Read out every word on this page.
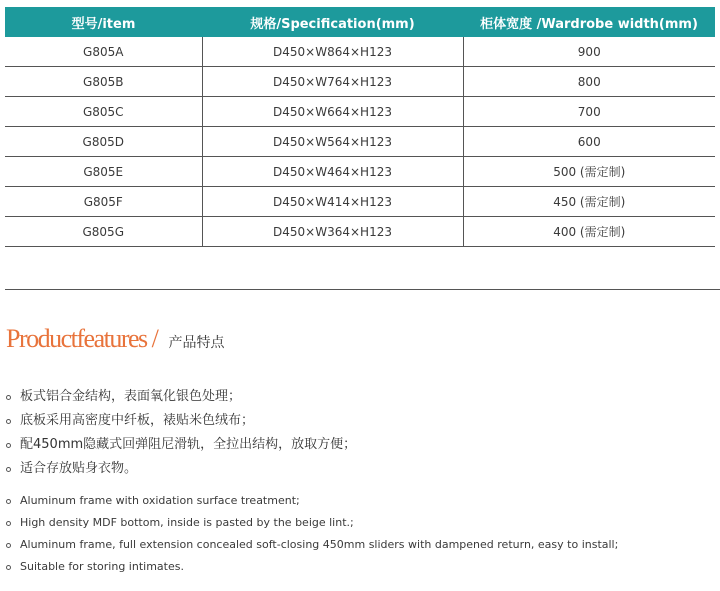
型号/item	规格/Specification(mm)	柜体宽度 /Wardrobe width(mm)
G805A	D450×W864×H123	900
G805B	D450×W764×H123	800
G805C	D450×W664×H123	700
G805D	D450×W564×H123	600
G805E	D450×W464×H123	500 (需定制)
G805F	D450×W414×H123	450 (需定制)
G805G	D450×W364×H123	400 (需定制)
Productfeatures / 产品特点
板式铝合金结构，表面氧化银色处理；
底板采用高密度中纤板，裱贴米色绒布；
配450mm隐藏式回弹阻尼滑轨，全拉出结构，放取方便；
适合存放贴身衣物。
Aluminum frame with oxidation surface treatment;
High density MDF bottom, inside is pasted by the beige lint.;
Aluminum frame, full extension concealed soft-closing 450mm sliders with dampened return, easy to install;
Suitable for storing intimates.
